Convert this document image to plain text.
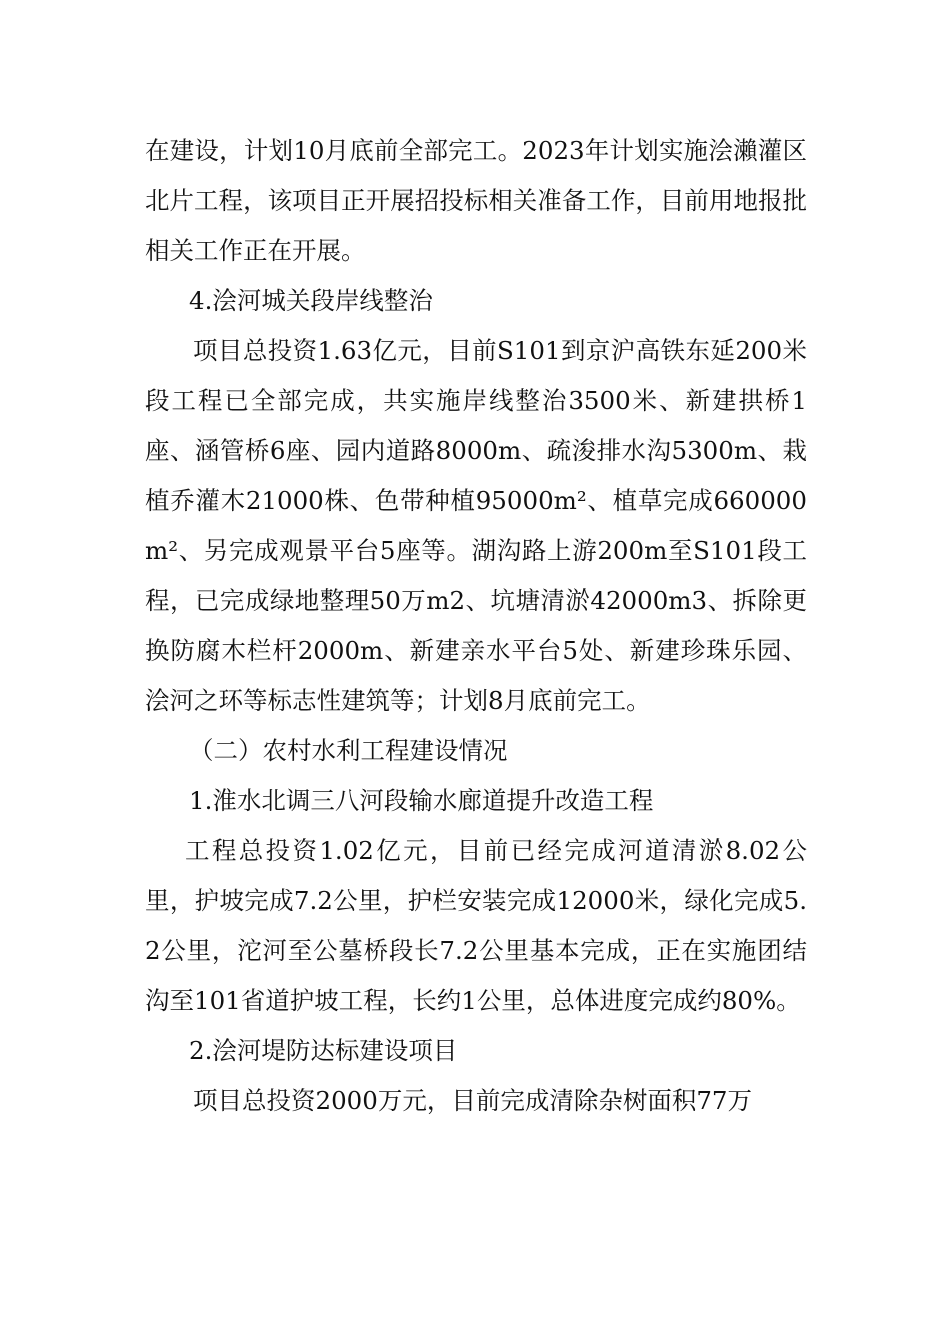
在建设，计划10月底前全部完工。2023年计划实施浍瀨灌区北片工程，该项目正开展招投标相关准备工作，目前用地报批相关工作正在开展。

4.浍河城关段岸线整治

项目总投资1.63亿元，目前S101到京沪高铁东延200米段工程已全部完成，共实施岸线整治3500米、新建拱桥1座、涵管桥6座、园内道路8000m、疏浚排水沟5300m、栽植乔灌木21000株、色带种植95000m²、植草完成660000m²、另完成观景平台5座等。湖沟路上游200m至S101段工程，已完成绿地整理50万m2、坑塘清淤42000m3、拆除更换防腐木栏杆2000m、新建亲水平台5处、新建珍珠乐园、浍河之环等标志性建筑等；计划8月底前完工。

（二）农村水利工程建设情况

1.淮水北调三八河段输水廊道提升改造工程

工程总投资1.02亿元，目前已经完成河道清淤8.02公里，护坡完成7.2公里，护栏安装完成12000米，绿化完成5.2公里，沱河至公墓桥段长7.2公里基本完成，正在实施团结沟至101省道护坡工程，长约1公里，总体进度完成约80%。

2.浍河堤防达标建设项目

项目总投资2000万元，目前完成清除杂树面积77万
